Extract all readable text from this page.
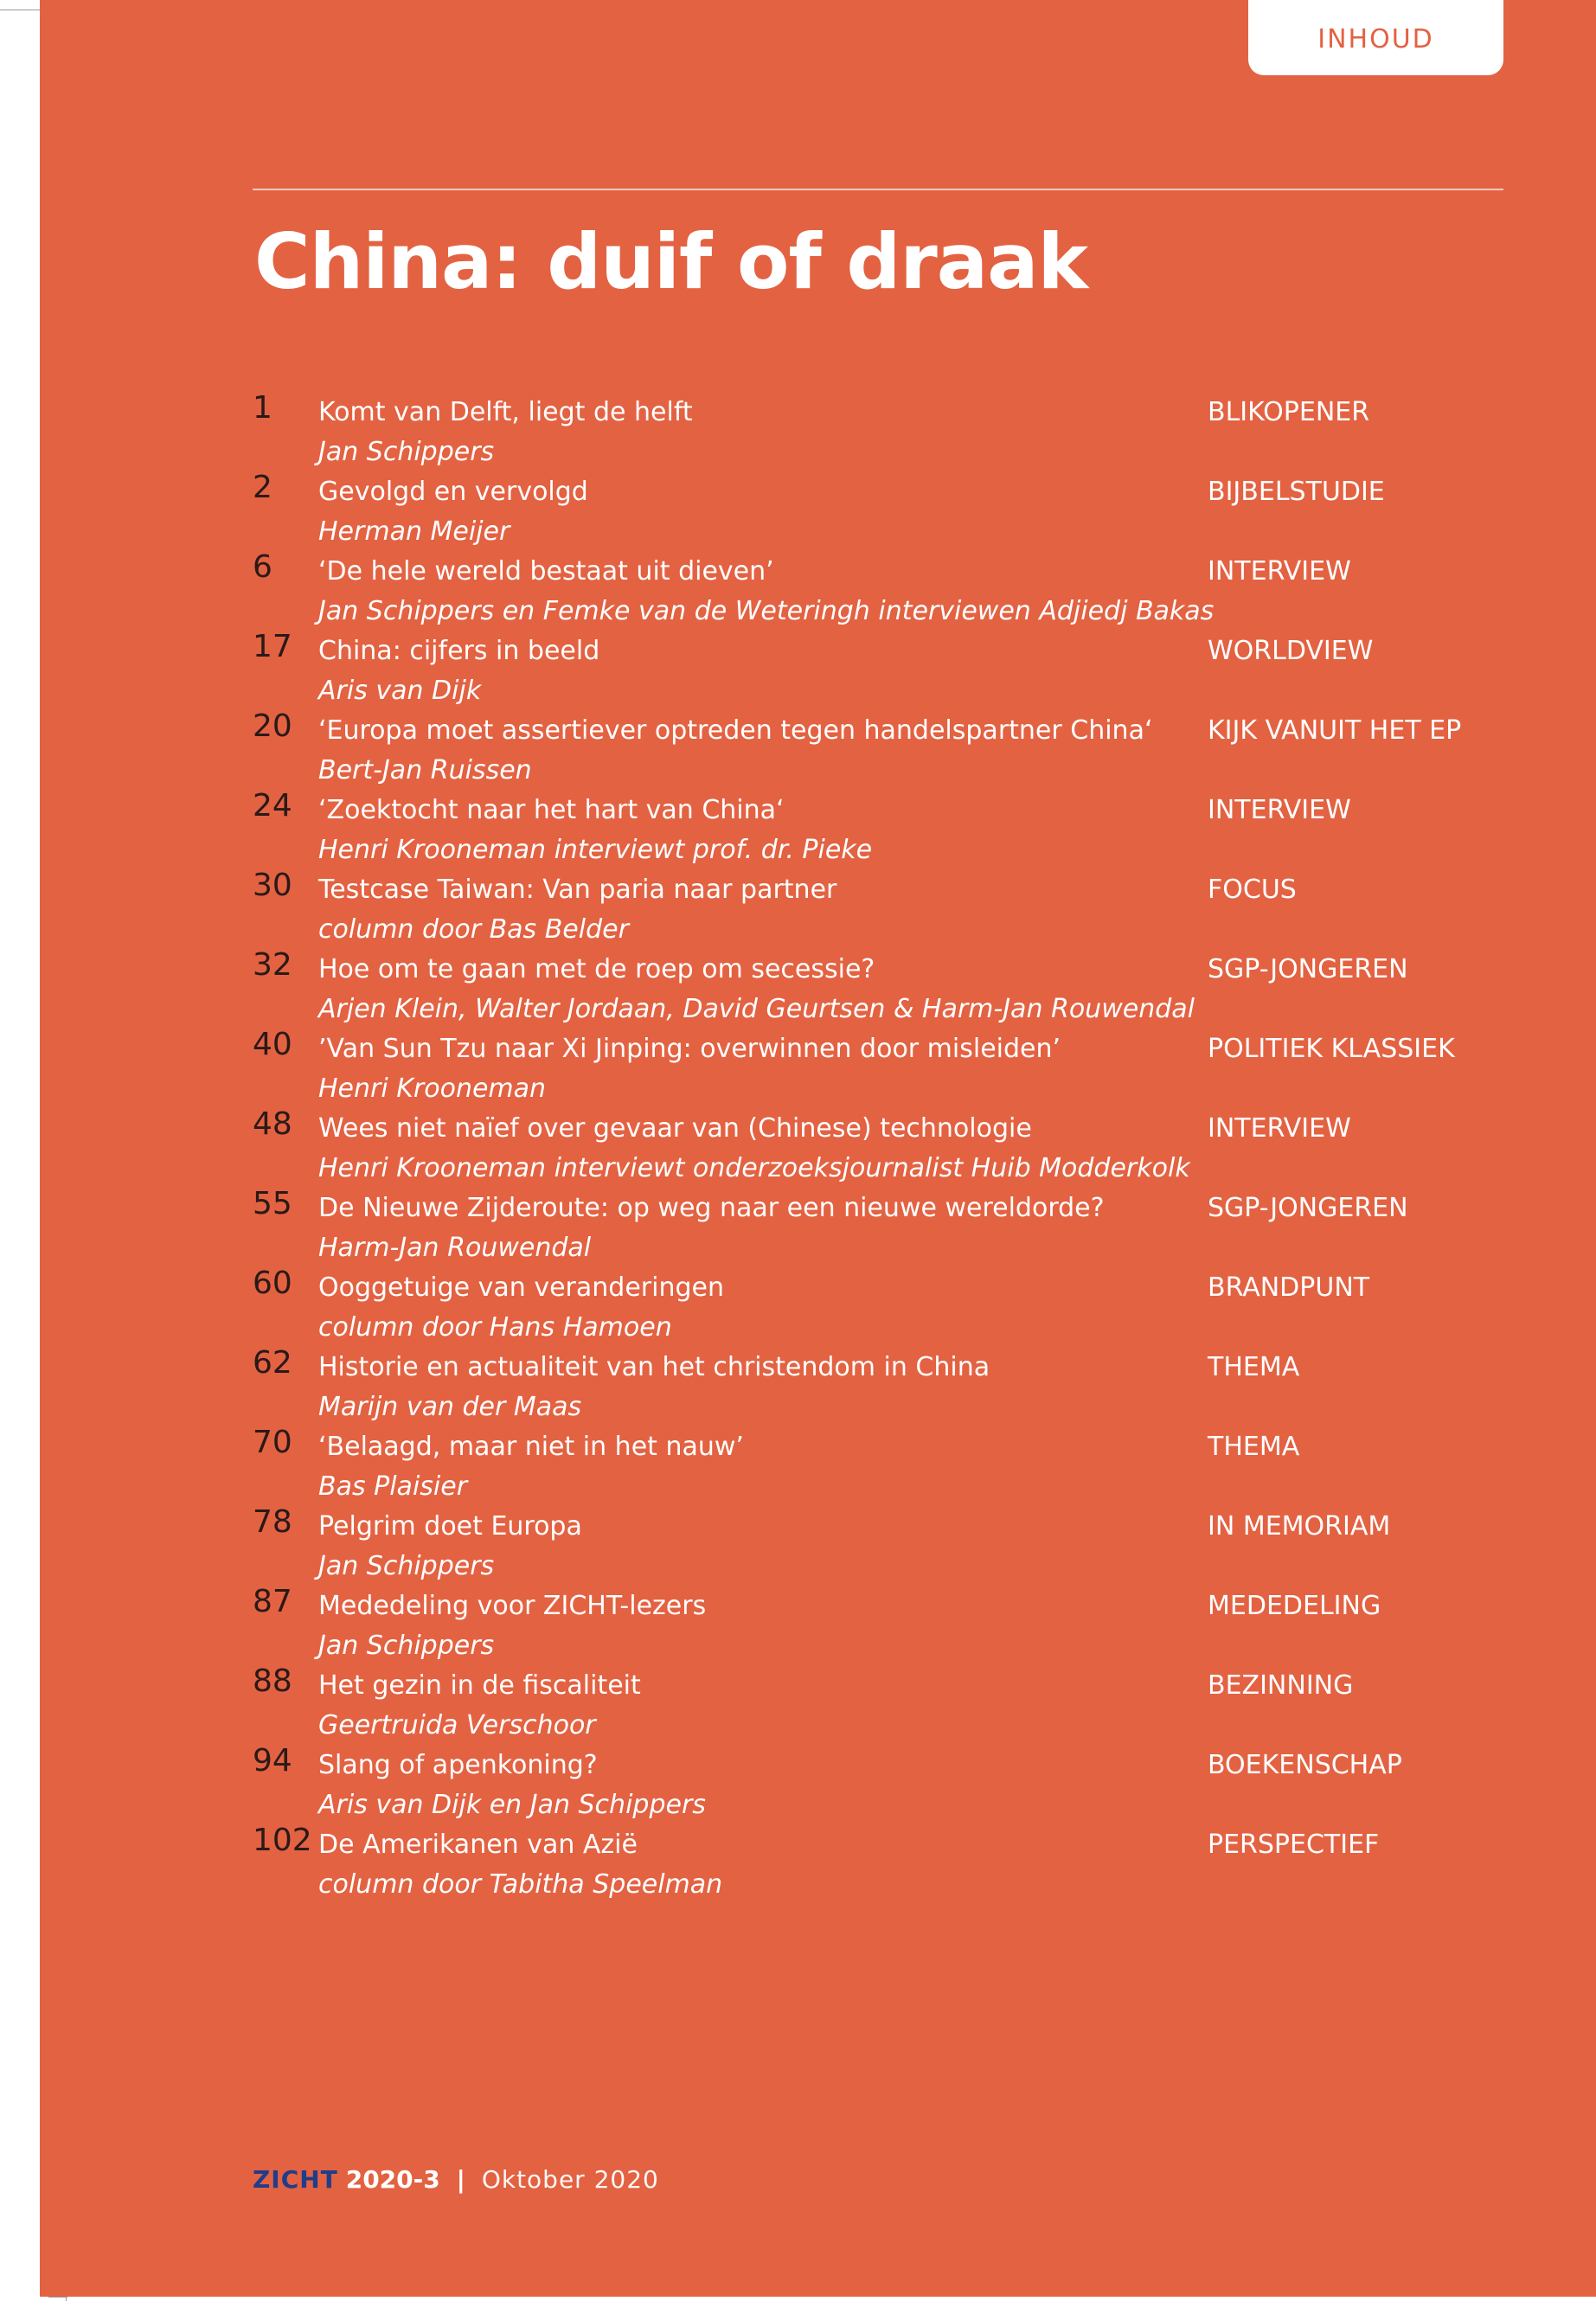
INHOUD
China: duif of draak
1 Komt van Delft, liegt de helft
Jan Schippers
BLIKOPENER
2 Gevolgd en vervolgd
Herman Meijer
BIJBELSTUDIE
6 ‘De hele wereld bestaat uit dieven’
Jan Schippers en Femke van de Weteringh interviewen Adjiedj Bakas
INTERVIEW
17 China: cijfers in beeld
Aris van Dijk
WORLDVIEW
20 ‘Europa moet assertiever optreden tegen handelspartner China‘
Bert-Jan Ruissen
KIJK VANUIT HET EP
24 ‘Zoektocht naar het hart van China‘
Henri Krooneman interviewt prof. dr. Pieke
INTERVIEW
30 Testcase Taiwan: Van paria naar partner
column door Bas Belder
FOCUS
32 Hoe om te gaan met de roep om secessie?
Arjen Klein, Walter Jordaan, David Geurtsen & Harm-Jan Rouwendal
SGP-JONGEREN
40 ’Van Sun Tzu naar Xi Jinping: overwinnen door misleiden’
Henri Krooneman
POLITIEK KLASSIEK
48 Wees niet naïef over gevaar van (Chinese) technologie
Henri Krooneman interviewt onderzoeksjournalist Huib Modderkolk
INTERVIEW
55 De Nieuwe Zijderoute: op weg naar een nieuwe wereldorde?
Harm-Jan Rouwendal
SGP-JONGEREN
60 Ooggetuige van veranderingen
column door Hans Hamoen
BRANDPUNT
62 Historie en actualiteit van het christendom in China
Marijn van der Maas
THEMA
70 ‘Belaagd, maar niet in het nauw’
Bas Plaisier
THEMA
78 Pelgrim doet Europa
Jan Schippers
IN MEMORIAM
87 Mededeling voor ZICHT-lezers
Jan Schippers
MEDEDELING
88 Het gezin in de fiscaliteit
Geertruida Verschoor
BEZINNING
94 Slang of apenkoning?
Aris van Dijk en Jan Schippers
BOEKENSCHAP
102 De Amerikanen van Azië
column door Tabitha Speelman
PERSPECTIEF
ZICHT 2020-3 | Oktober 2020
